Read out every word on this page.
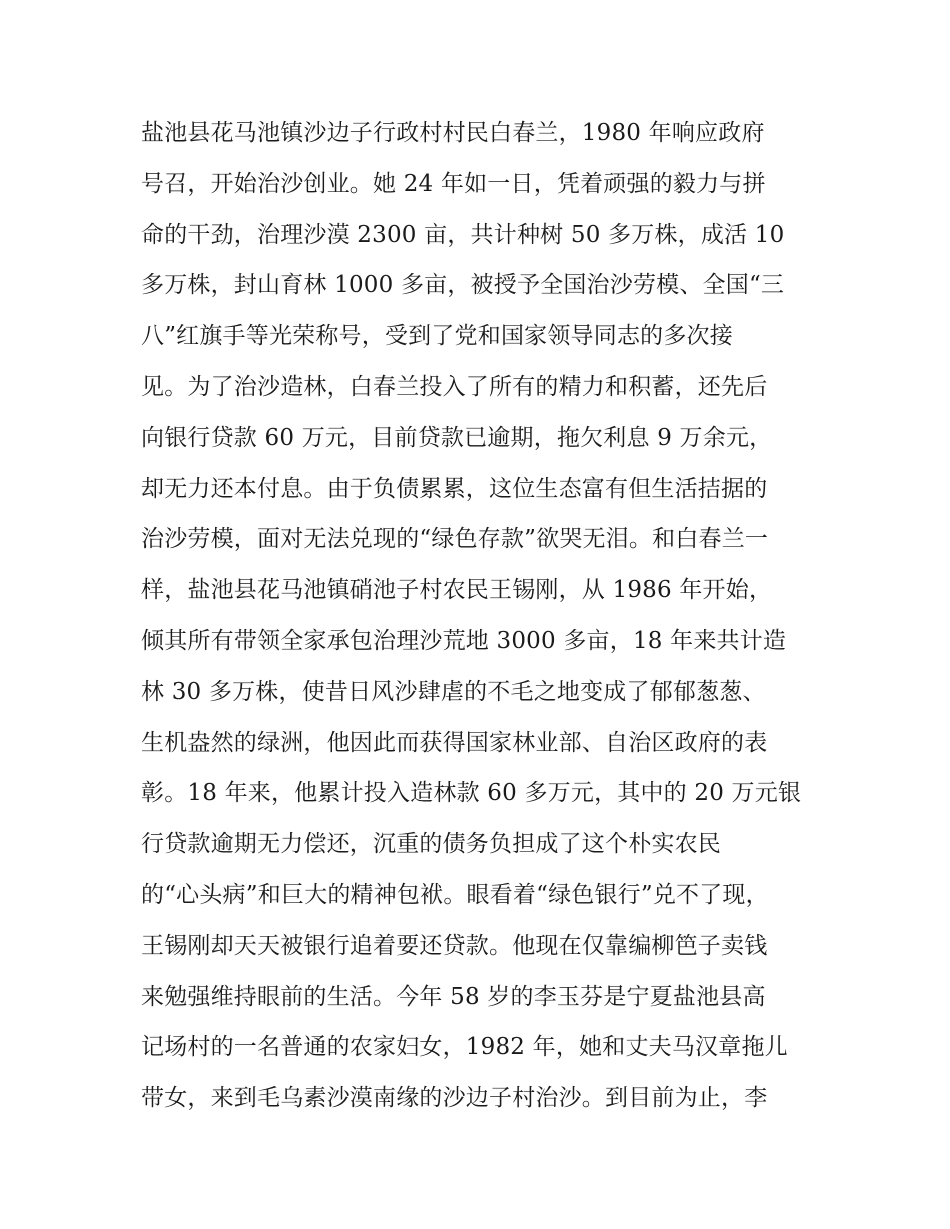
盐池县花马池镇沙边子行政村村民白春兰，1980 年响应政府
号召，开始治沙创业。她 24 年如一日，凭着顽强的毅力与拼
命的干劲，治理沙漠 2300 亩，共计种树 50 多万株，成活 10
多万株，封山育林 1000 多亩，被授予全国治沙劳模、全国“三
八”红旗手等光荣称号，受到了党和国家领导同志的多次接
见。为了治沙造林，白春兰投入了所有的精力和积蓄，还先后
向银行贷款 60 万元，目前贷款已逾期，拖欠利息 9 万余元，
却无力还本付息。由于负债累累，这位生态富有但生活拮据的
治沙劳模，面对无法兑现的“绿色存款”欲哭无泪。和白春兰一
样，盐池县花马池镇硝池子村农民王锡刚，从 1986 年开始，
倾其所有带领全家承包治理沙荒地 3000 多亩，18 年来共计造
林 30 多万株，使昔日风沙肆虐的不毛之地变成了郁郁葱葱、
生机盎然的绿洲，他因此而获得国家林业部、自治区政府的表
彰。18 年来，他累计投入造林款 60 多万元，其中的 20 万元银
行贷款逾期无力偿还，沉重的债务负担成了这个朴实农民
的“心头病”和巨大的精神包袱。眼看着“绿色银行”兑不了现，
王锡刚却天天被银行追着要还贷款。他现在仅靠编柳笆子卖钱
来勉强维持眼前的生活。今年 58 岁的李玉芬是宁夏盐池县高
记场村的一名普通的农家妇女，1982 年，她和丈夫马汉章拖儿
带女，来到毛乌素沙漠南缘的沙边子村治沙。到目前为止，李
